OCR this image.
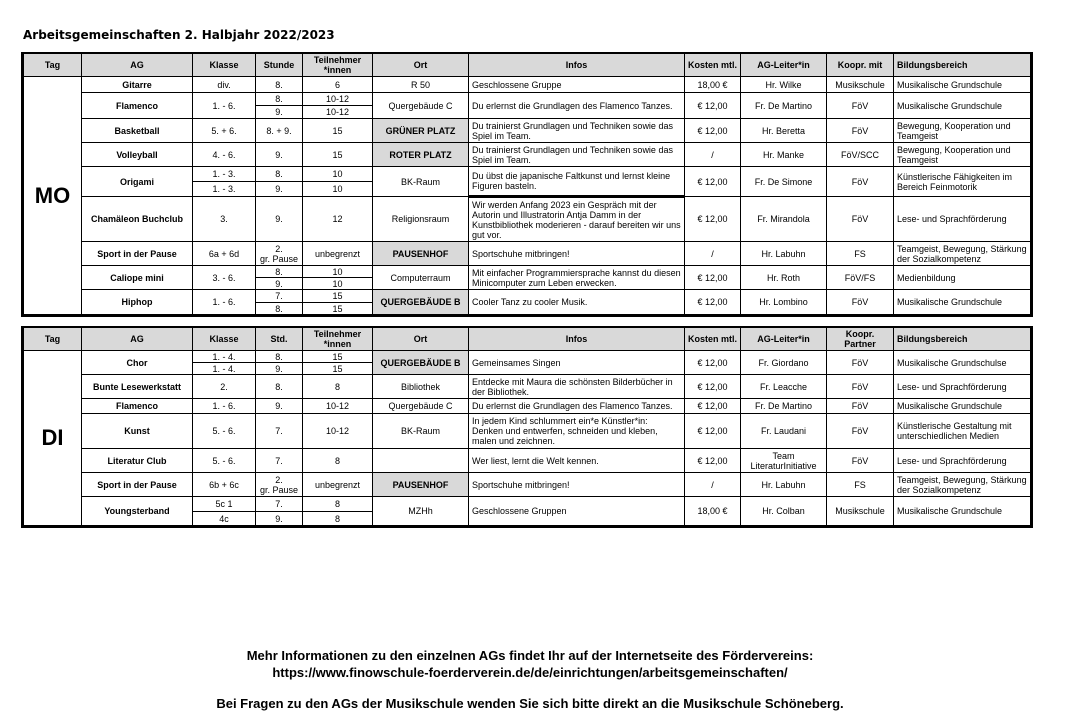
Arbeitsgemeinschaften 2. Halbjahr 2022/2023
Tag	AG	Klasse	Stunde	Teilnehmer *innen	Ort	Infos	Kosten mtl.	AG-Leiter*in	Koopr. mit	Bildungsbereich
MO	Gitarre	div.	8.	6	R 50	Geschlossene Gruppe	18,00 €	Hr. Wilke	Musikschule	Musikalische Grundschule
	Flamenco	1. - 6.	8.	10-12	Quergebäude C	Du erlernst die Grundlagen des Flamenco Tanzes.	€ 12,00	Fr. De Martino	FöV	Musikalische Grundschule
			9.	10-12						
	Basketball	5. + 6.	8. + 9.	15	GRÜNER PLATZ	Du trainierst Grundlagen und Techniken sowie das Spiel im Team.	€ 12,00	Hr. Beretta	FöV	Bewegung, Kooperation und Teamgeist
	Volleyball	4. - 6.	9.	15	ROTER PLATZ	Du trainierst Grundlagen und Techniken sowie das Spiel im Team.	/	Hr. Manke	FöV/SCC	Bewegung, Kooperation und Teamgeist
	Origami	1. - 3.	8.	10	BK-Raum	Du übst die japanische Faltkunst und lernst kleine Figuren basteln.	€ 12,00	Fr. De Simone	FöV	Künstlerische Fähigkeiten im Bereich Feinmotorik
		1. - 3.	9.	10						
	Chamäleon Buchclub	3.	9.	12	Religionsraum	Wir werden Anfang 2023 ein Gespräch mit der Autorin und Illustratorin Antja Damm in der Kunstbibliothek moderieren - darauf bereiten wir uns gut vor.	€ 12,00	Fr. Mirandola	FöV	Lese- und Sprachförderung
	Sport in der Pause	6a + 6d	2.
gr. Pause	unbegrenzt	PAUSENHOF	Sportschuhe mitbringen!	/	Hr. Labuhn	FS	Teamgeist, Bewegung, Stärkung der Sozialkompetenz
	Caliope mini	3. - 6.	8.	10	Computerraum	Mit einfacher Programmiersprache kannst du diesen Minicomputer zum Leben erwecken.	€ 12,00	Hr. Roth	FöV/FS	Medienbildung
			9.	10						
	Hiphop	1. - 6.	7.	15	QUERGEBÄUDE B	Cooler Tanz zu cooler Musik.	€ 12,00	Hr. Lombino	FöV	Musikalische Grundschule
			8.	15						
Tag	AG	Klasse	Std.	Teilnehmer *innen	Ort	Infos	Kosten mtl.	AG-Leiter*in	Koopr. Partner	Bildungsbereich
DI	Chor	1. - 4.	8.	15	QUERGEBÄUDE B	Gemeinsames Singen	€ 12,00	Fr. Giordano	FöV	Musikalische Grundschulse
		1. - 4.	9.	15						
	Bunte Lesewerkstatt	2.	8.	8	Bibliothek	Entdecke mit Maura die schönsten Bilderbücher in der Bibliothek.	€ 12,00	Fr. Leacche	FöV	Lese- und Sprachförderung
	Flamenco	1. - 6.	9.	10-12	Quergebäude C	Du erlernst die Grundlagen des Flamenco Tanzes.	€ 12,00	Fr. De Martino	FöV	Musikalische Grundschule
	Kunst	5. - 6.	7.	10-12	BK-Raum	In jedem Kind schlummert ein*e Künstler*in: Denken und entwerfen, schneiden und kleben, malen und zeichnen.	€ 12,00	Fr. Laudani	FöV	Künstlerische Gestaltung mit unterschiedlichen Medien
	Literatur Club	5. - 6.	7.	8		Wer liest, lernt die Welt kennen.	€ 12,00	Team LiteraturInitiative	FöV	Lese- und Sprachförderung
	Sport in der Pause	6b + 6c	2.
gr. Pause	unbegrenzt	PAUSENHOF	Sportschuhe mitbringen!	/	Hr. Labuhn	FS	Teamgeist, Bewegung, Stärkung der Sozialkompetenz
	Youngsterband	5c 1	7.	8	MZHh	Geschlossene Gruppen	18,00 €	Hr. Colban	Musikschule	Musikalische Grundschule
		4c	9.	8						
Mehr Informationen zu den einzelnen AGs findet Ihr auf der Internetseite des Fördervereins:
https://www.finowschule-foerderverein.de/de/einrichtungen/arbeitsgemeinschaften/
Bei Fragen zu den AGs der Musikschule wenden Sie sich bitte direkt an die Musikschule Schöneberg.
